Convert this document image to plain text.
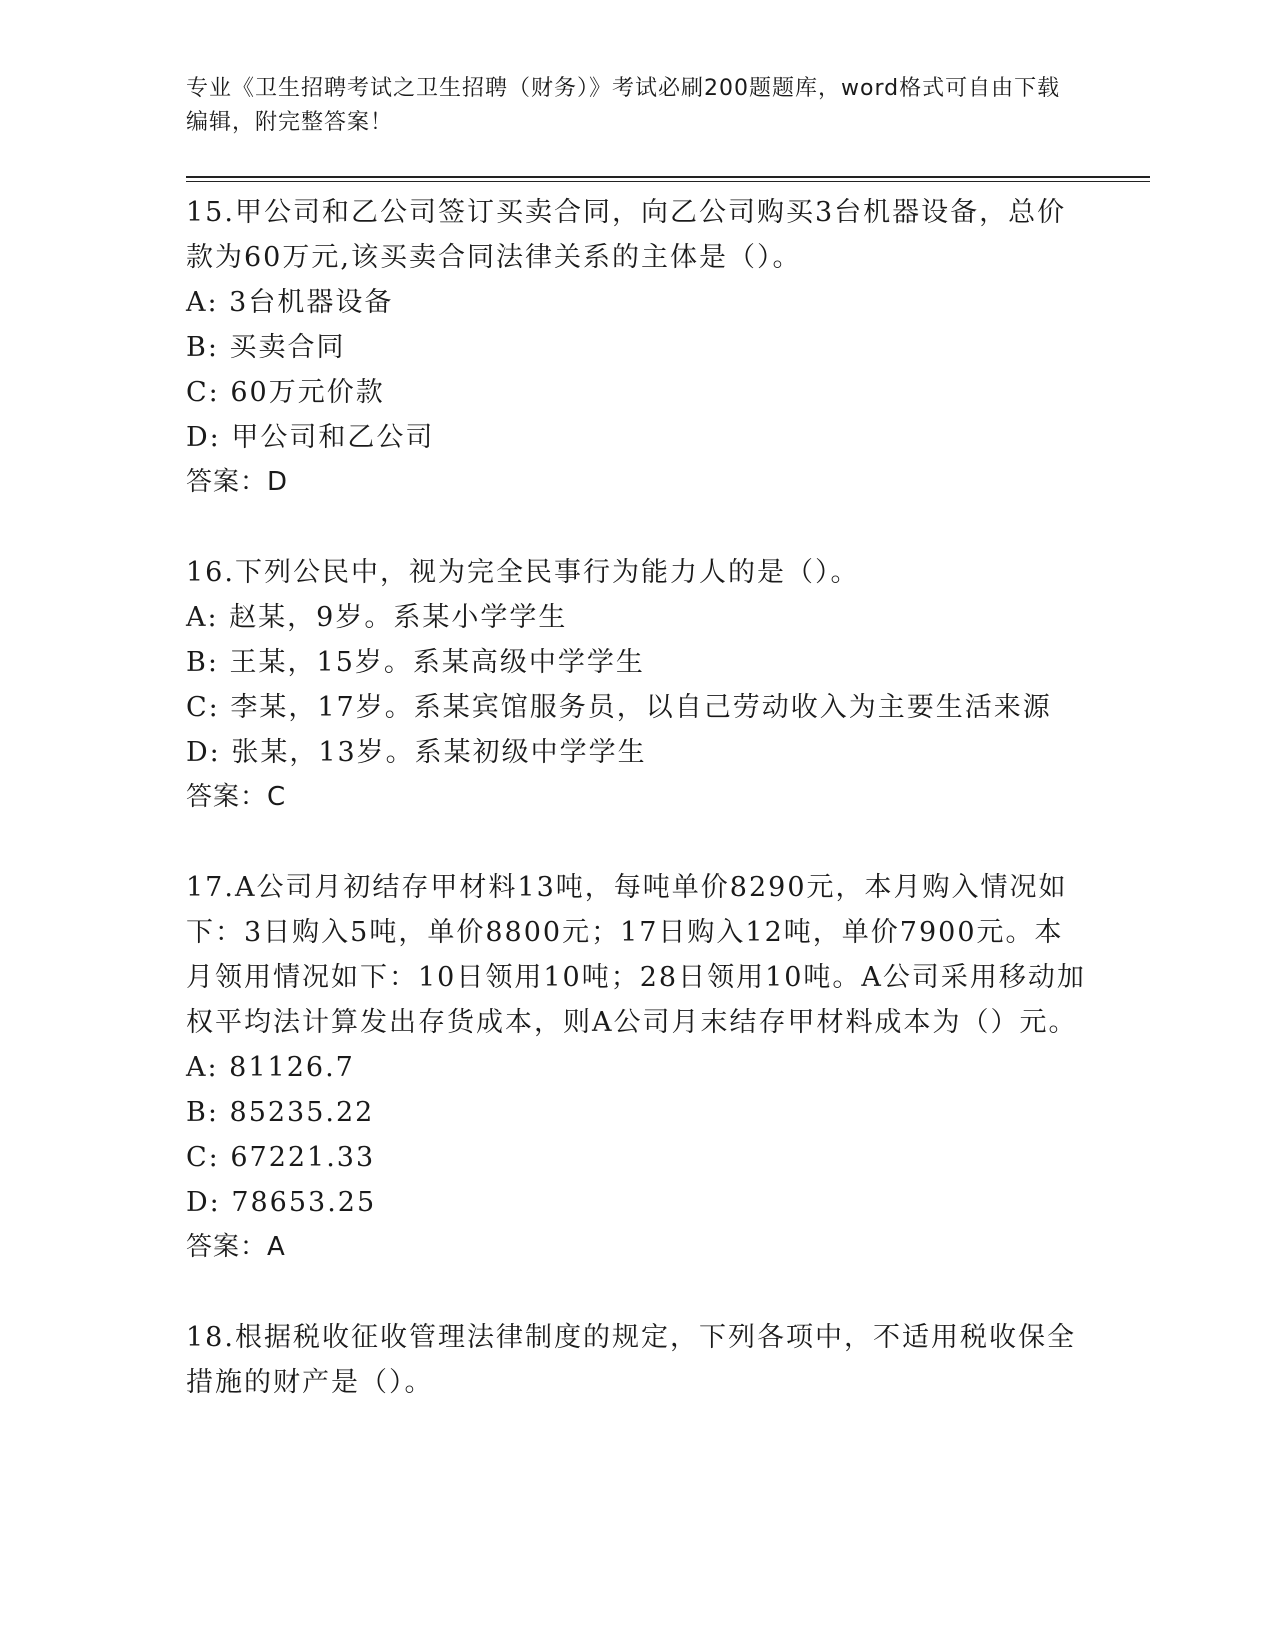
专业《卫生招聘考试之卫生招聘（财务）》考试必刷200题题库，word格式可自由下载编辑，附完整答案！

15.甲公司和乙公司签订买卖合同，向乙公司购买3台机器设备，总价款为60万元,该买卖合同法律关系的主体是（）。

A: 3台机器设备

B: 买卖合同

C: 60万元价款

D: 甲公司和乙公司

答案：D

16.下列公民中，视为完全民事行为能力人的是（）。

A: 赵某，9岁。系某小学学生

B: 王某，15岁。系某高级中学学生

C: 李某，17岁。系某宾馆服务员，以自己劳动收入为主要生活来源

D: 张某，13岁。系某初级中学学生

答案：C

17.A公司月初结存甲材料13吨，每吨单价8290元，本月购入情况如下：3日购入5吨，单价8800元；17日购入12吨，单价7900元。本月领用情况如下：10日领用10吨；28日领用10吨。A公司采用移动加权平均法计算发出存货成本，则A公司月末结存甲材料成本为（）元。

A: 81126.7

B: 85235.22

C: 67221.33

D: 78653.25

答案：A

18.根据税收征收管理法律制度的规定，下列各项中，不适用税收保全措施的财产是（）。
